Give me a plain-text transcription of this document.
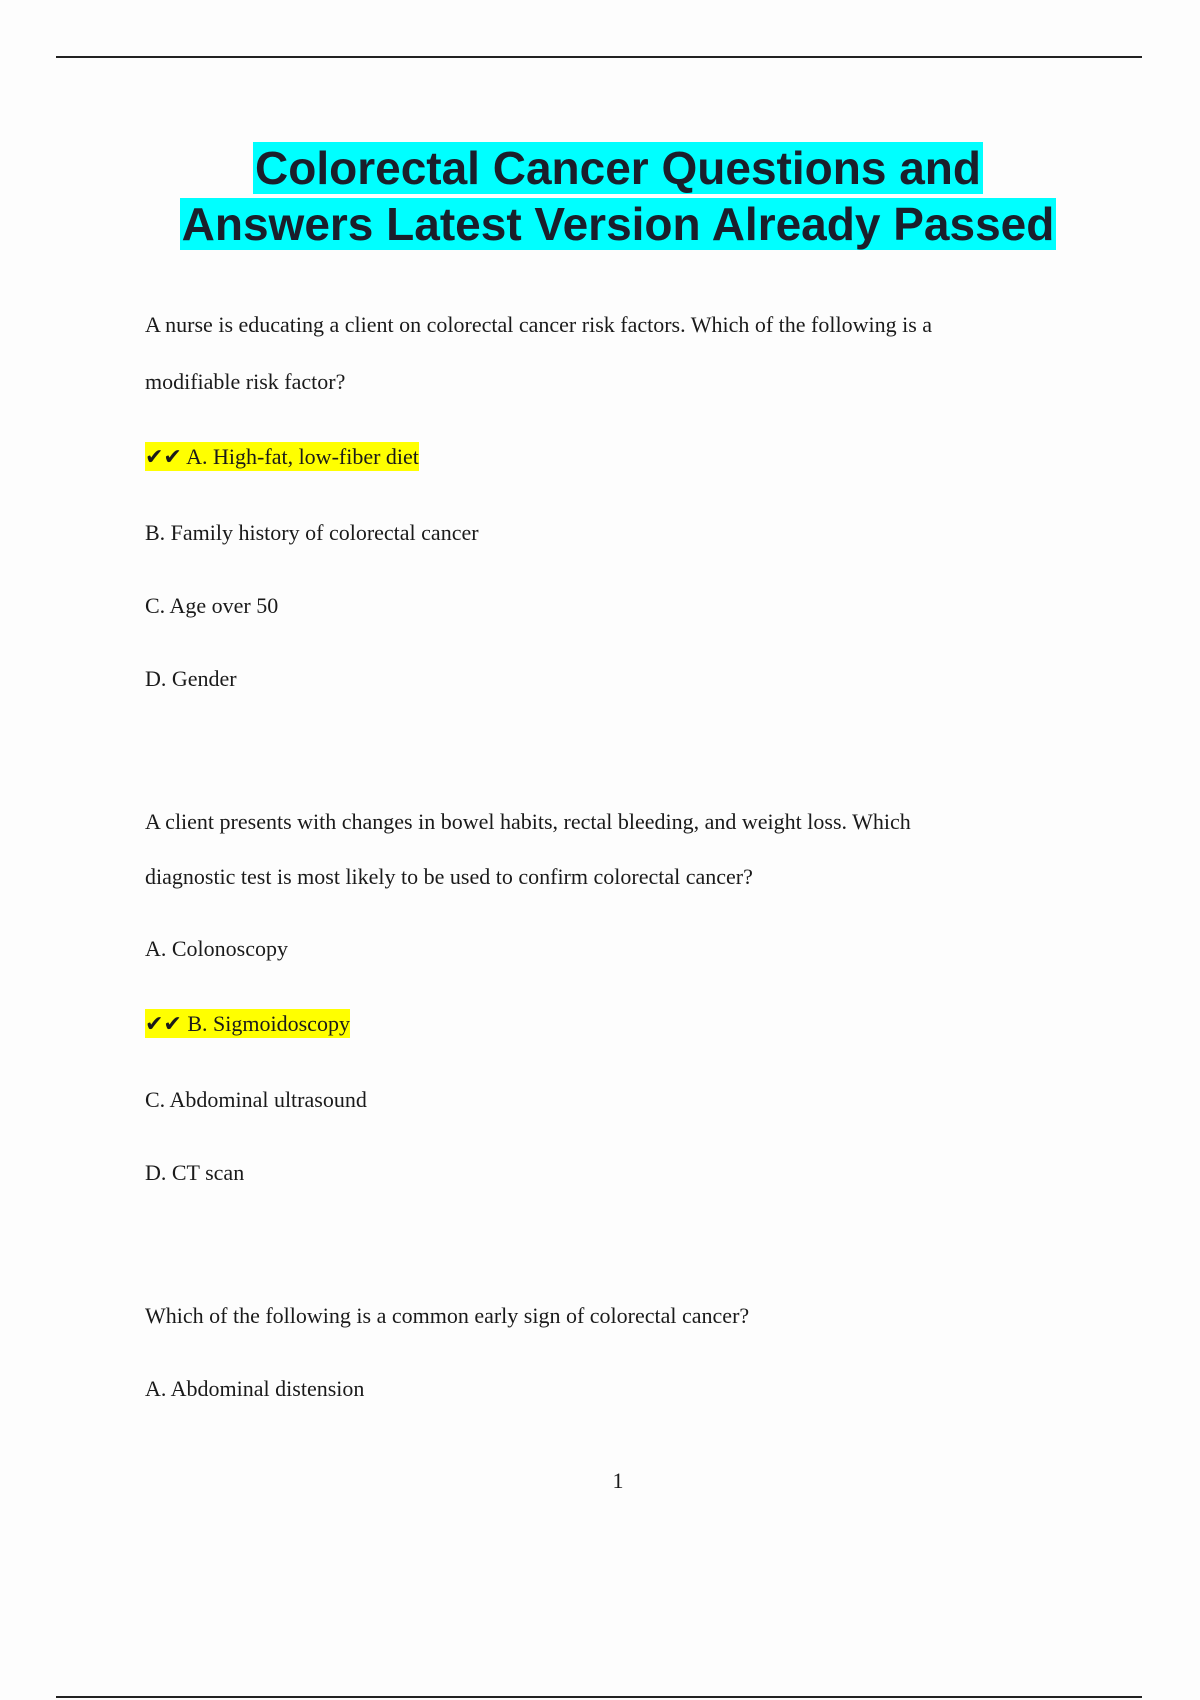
Colorectal Cancer Questions and
Answers Latest Version Already Passed
A nurse is educating a client on colorectal cancer risk factors. Which of the following is a
modifiable risk factor?
✔✔ A. High-fat, low-fiber diet
B. Family history of colorectal cancer
C. Age over 50
D. Gender
A client presents with changes in bowel habits, rectal bleeding, and weight loss. Which
diagnostic test is most likely to be used to confirm colorectal cancer?
A. Colonoscopy
✔✔ B. Sigmoidoscopy
C. Abdominal ultrasound
D. CT scan
Which of the following is a common early sign of colorectal cancer?
A. Abdominal distension
1
